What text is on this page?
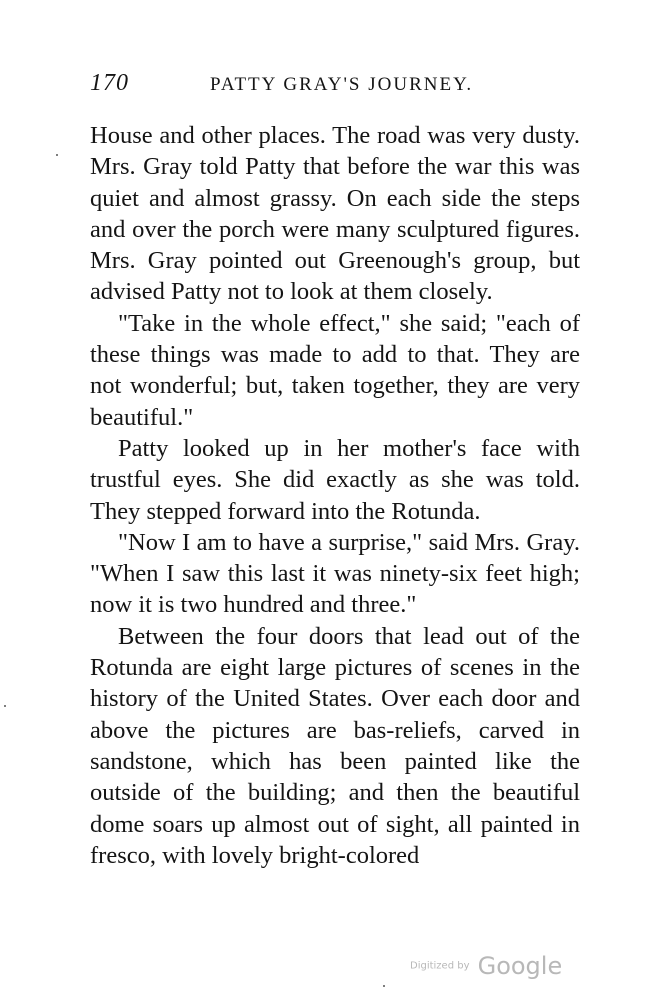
170	PATTY GRAY'S JOURNEY.

House and other places. The road was very dusty. Mrs. Gray told Patty that before the war this was quiet and almost grassy. On each side the steps and over the porch were many sculptured figures. Mrs. Gray pointed out Greenough's group, but advised Patty not to look at them closely.

"Take in the whole effect," she said; "each of these things was made to add to that. They are not wonderful; but, taken together, they are very beautiful."

Patty looked up in her mother's face with trustful eyes. She did exactly as she was told. They stepped forward into the Rotunda.

"Now I am to have a surprise," said Mrs. Gray. "When I saw this last it was ninety-six feet high; now it is two hundred and three."

Between the four doors that lead out of the Rotunda are eight large pictures of scenes in the history of the United States. Over each door and above the pictures are bas-reliefs, carved in sandstone, which has been painted like the outside of the building; and then the beautiful dome soars up almost out of sight, all painted in fresco, with lovely bright-colored

Digitized by Google
